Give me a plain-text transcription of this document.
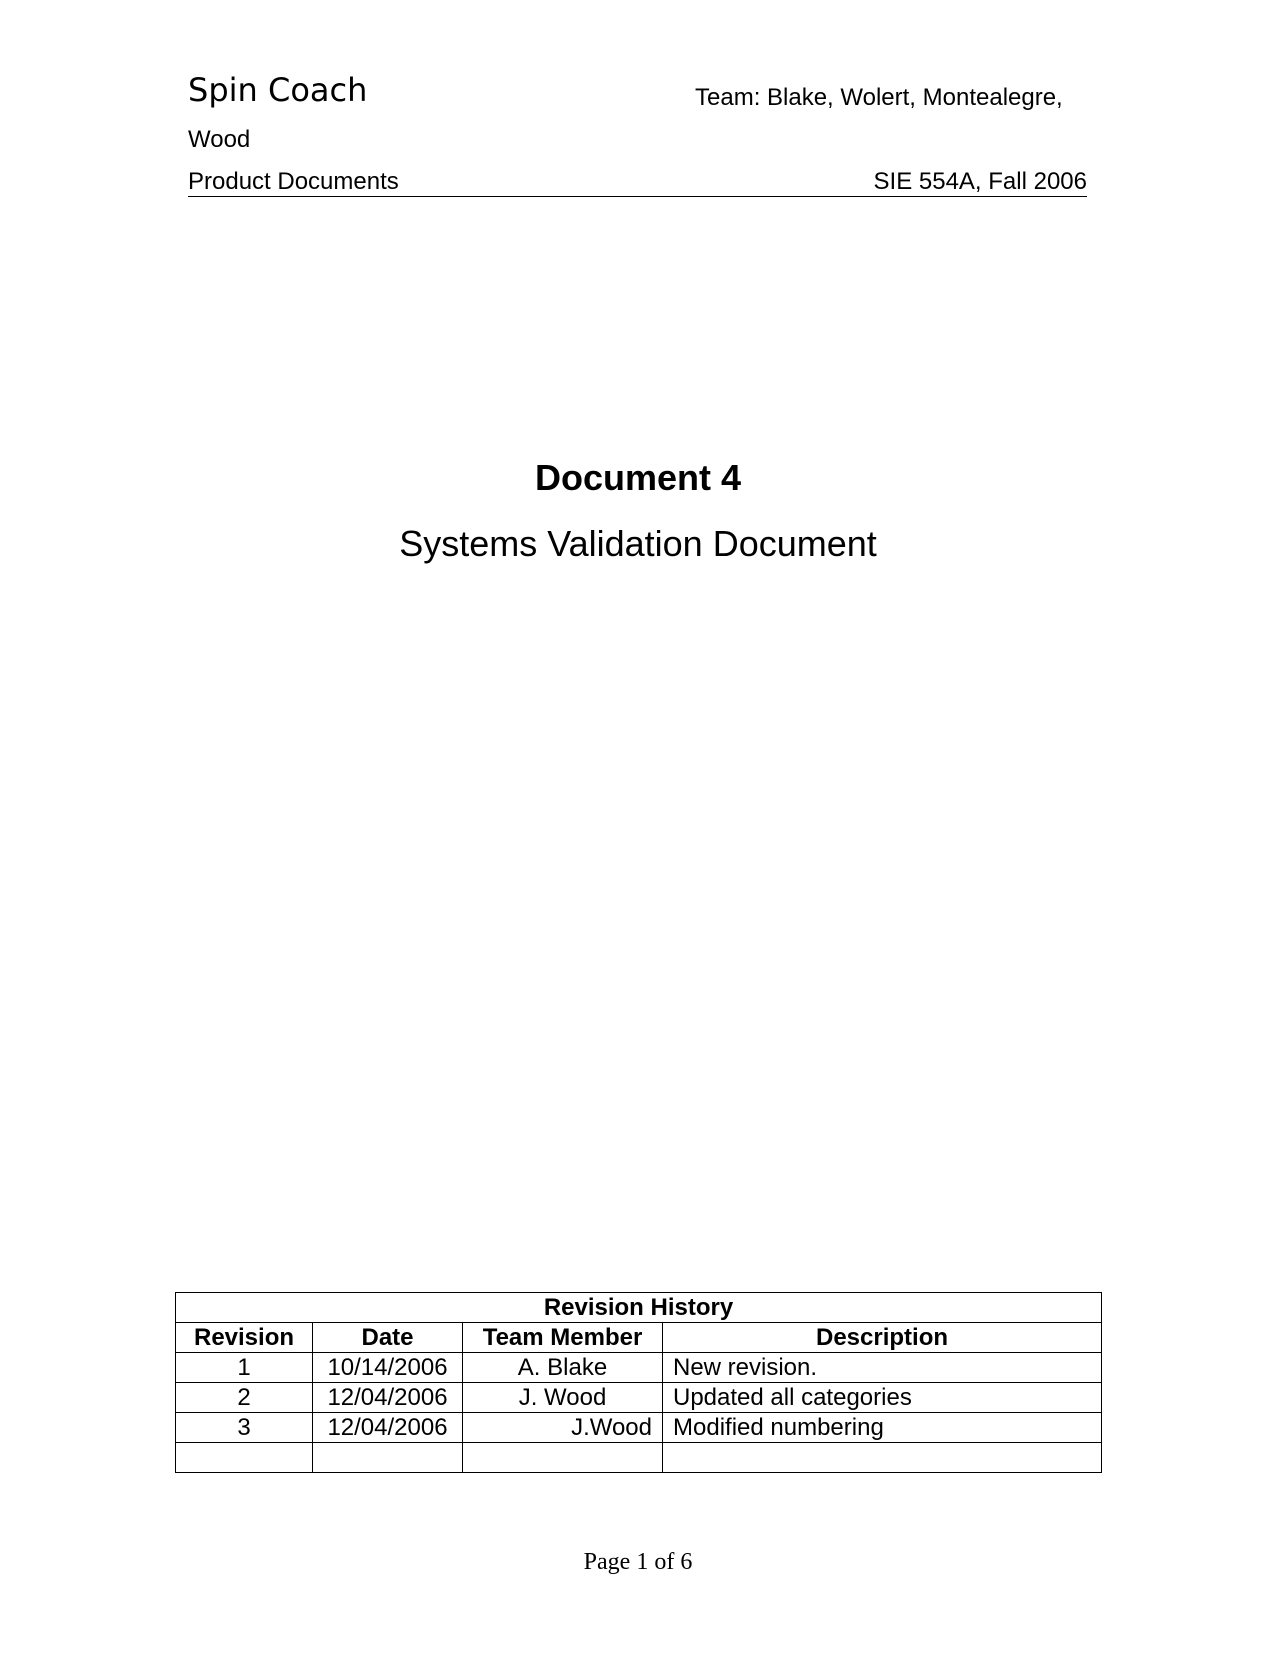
Spin Coach	Team: Blake, Wolert, Montealegre,
Wood
Product Documents	SIE 554A, Fall 2006
Document 4
Systems Validation Document
Revision History			
Revision	Date	Team Member	Description
1	10/14/2006	A. Blake	New revision.
2	12/04/2006	J. Wood	Updated all categories
3	12/04/2006	J.Wood	Modified numbering

Page 1 of 6
